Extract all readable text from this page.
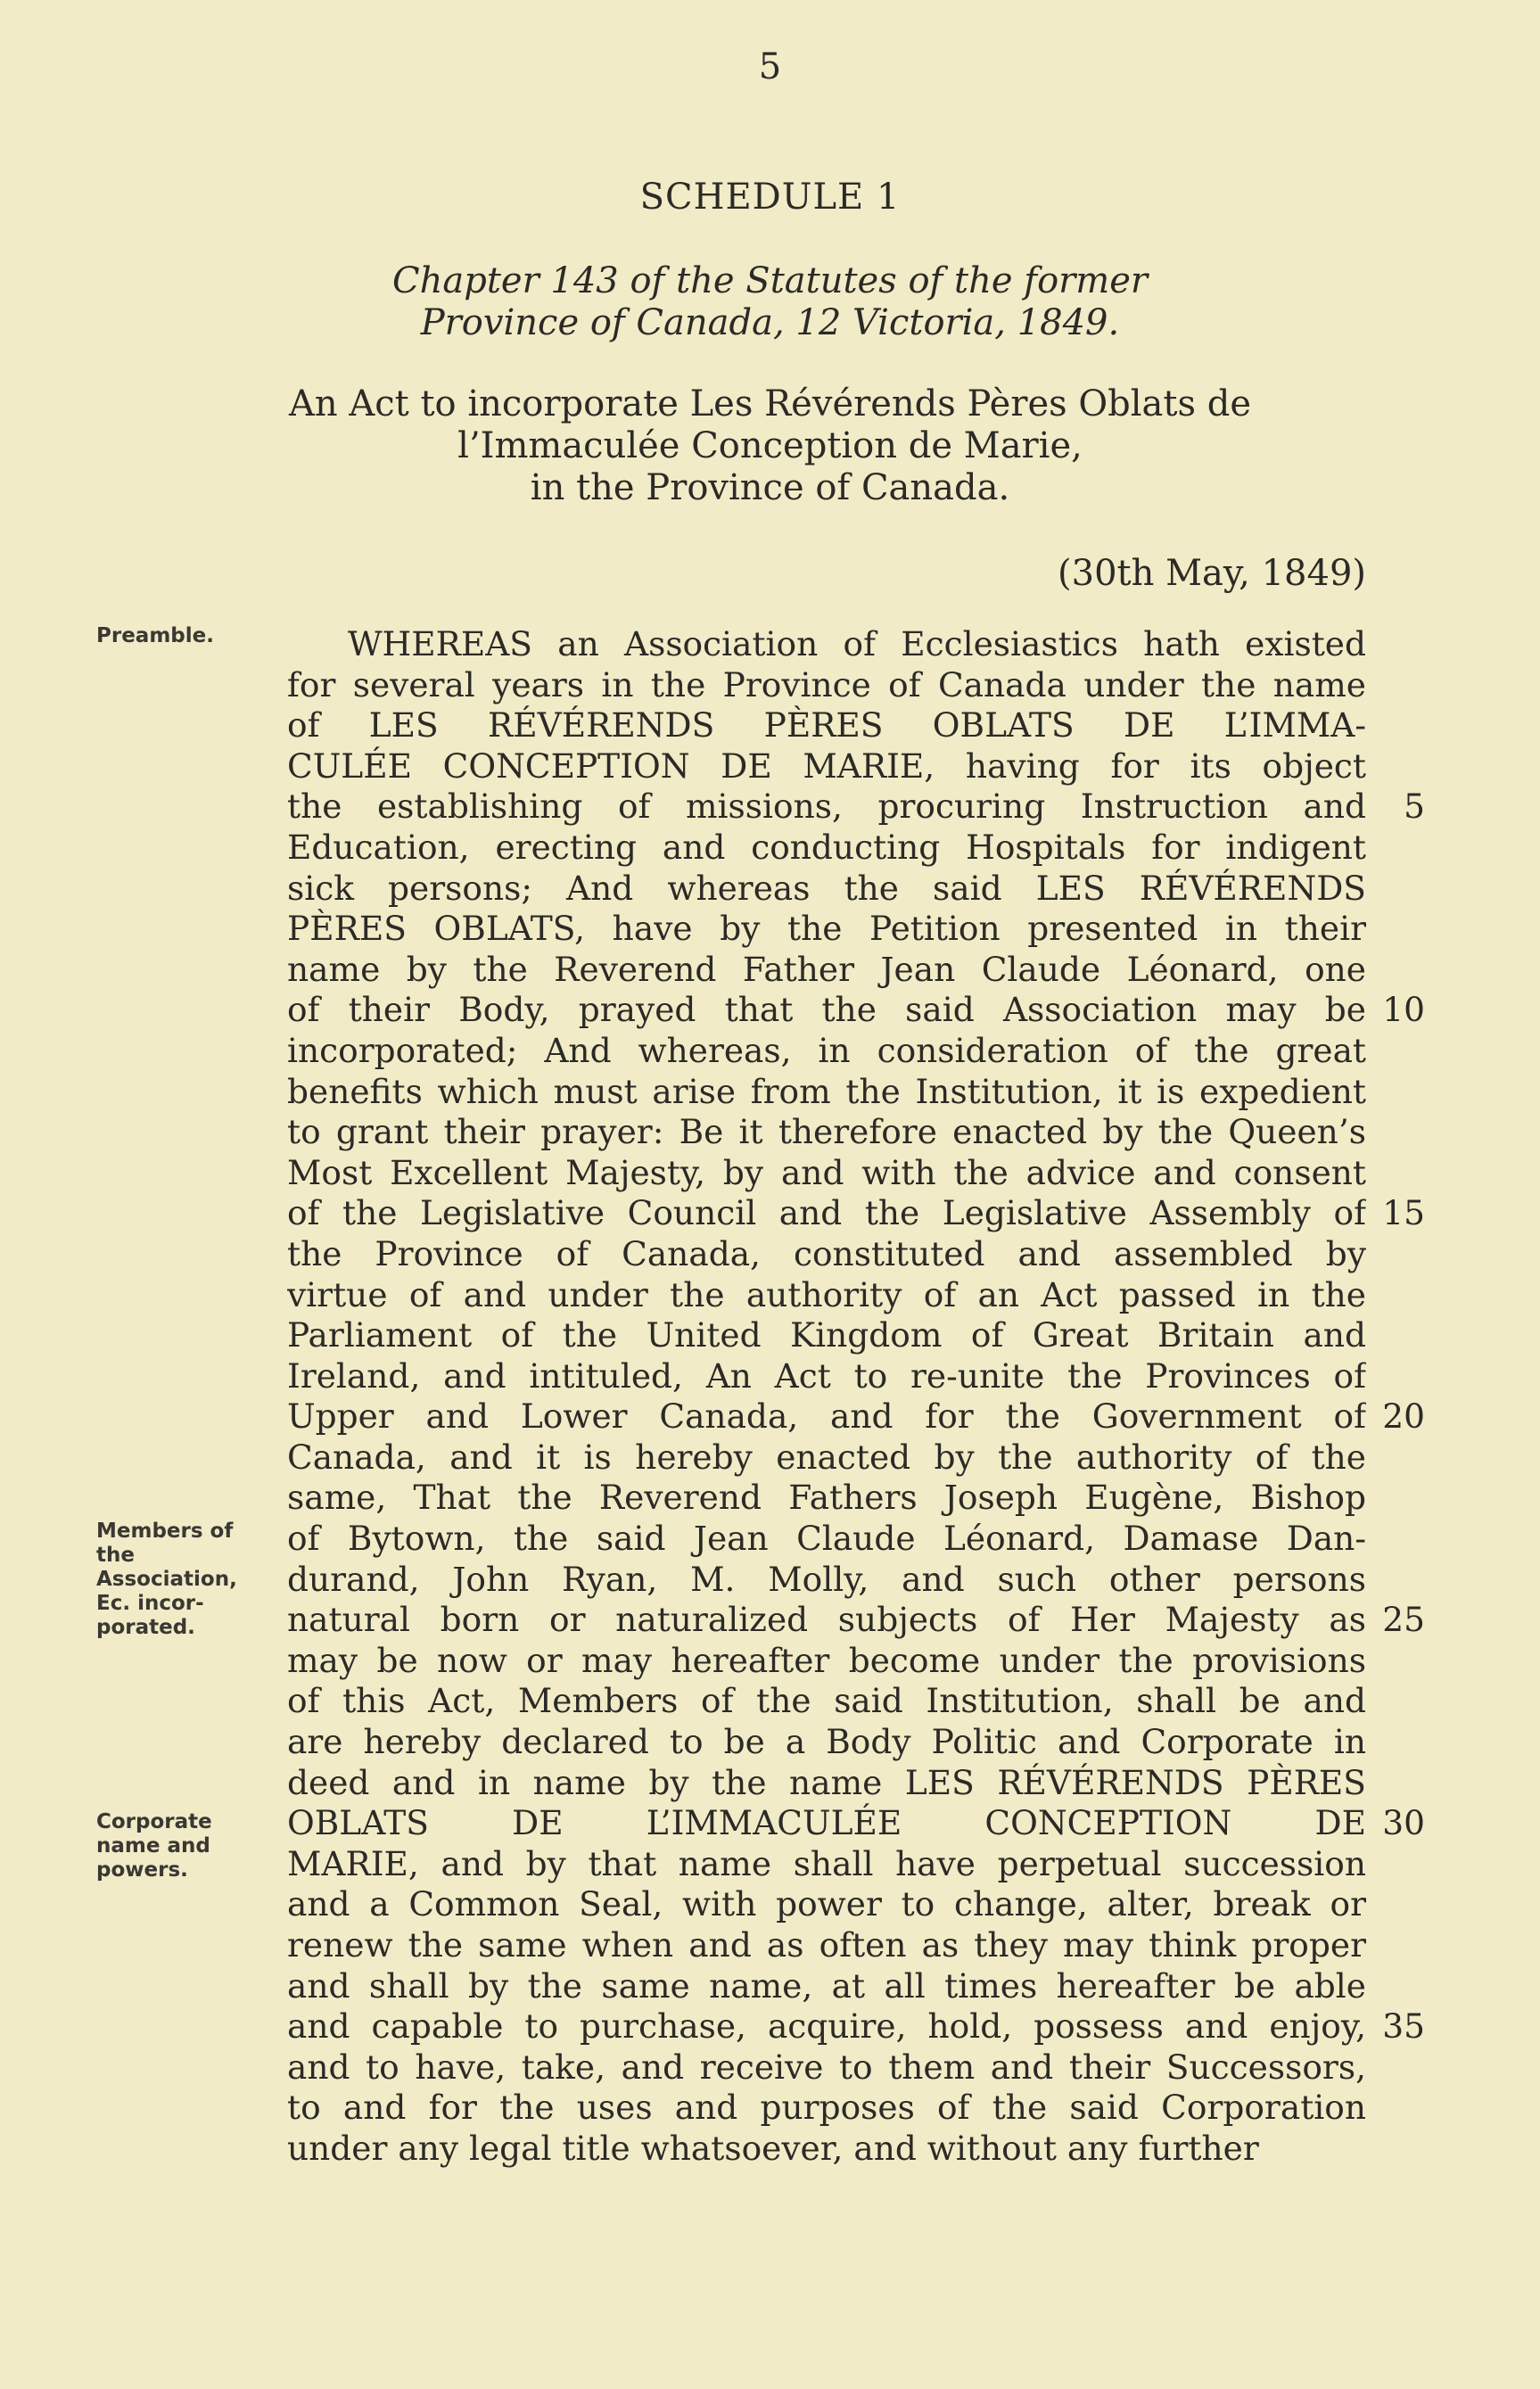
5
SCHEDULE 1
Chapter 143 of the Statutes of the former
Province of Canada, 12 Victoria, 1849.
An Act to incorporate Les Révérends Pères Oblats de
l’Immaculée Conception de Marie,
in the Province of Canada.
(30th May, 1849)
Preamble.
Members of
the
Association,
Ec. incor-
porated.
Corporate
name and
powers.
WHEREAS an Association of Ecclesiastics hath existed
for several years in the Province of Canada under the name
of LES RÉVÉRENDS PÈRES OBLATS DE L’IMMA-
CULÉE CONCEPTION DE MARIE, having for its object
the establishing of missions, procuring Instruction and
Education, erecting and conducting Hospitals for indigent
sick persons; And whereas the said LES RÉVÉRENDS
PÈRES OBLATS, have by the Petition presented in their
name by the Reverend Father Jean Claude Léonard, one
of their Body, prayed that the said Association may be
incorporated; And whereas, in consideration of the great
benefits which must arise from the Institution, it is expedient
to grant their prayer: Be it therefore enacted by the Queen’s
Most Excellent Majesty, by and with the advice and consent
of the Legislative Council and the Legislative Assembly of
the Province of Canada, constituted and assembled by
virtue of and under the authority of an Act passed in the
Parliament of the United Kingdom of Great Britain and
Ireland, and intituled, An Act to re-unite the Provinces of
Upper and Lower Canada, and for the Government of
Canada, and it is hereby enacted by the authority of the
same, That the Reverend Fathers Joseph Eugène, Bishop
of Bytown, the said Jean Claude Léonard, Damase Dan-
durand, John Ryan, M. Molly, and such other persons
natural born or naturalized subjects of Her Majesty as
may be now or may hereafter become under the provisions
of this Act, Members of the said Institution, shall be and
are hereby declared to be a Body Politic and Corporate in
deed and in name by the name LES RÉVÉRENDS PÈRES
OBLATS DE L’IMMACULÉE CONCEPTION DE
MARIE, and by that name shall have perpetual succession
and a Common Seal, with power to change, alter, break or
renew the same when and as often as they may think proper
and shall by the same name, at all times hereafter be able
and capable to purchase, acquire, hold, possess and enjoy,
and to have, take, and receive to them and their Successors,
to and for the uses and purposes of the said Corporation
under any legal title whatsoever, and without any further
5
10
15
20
25
30
35
